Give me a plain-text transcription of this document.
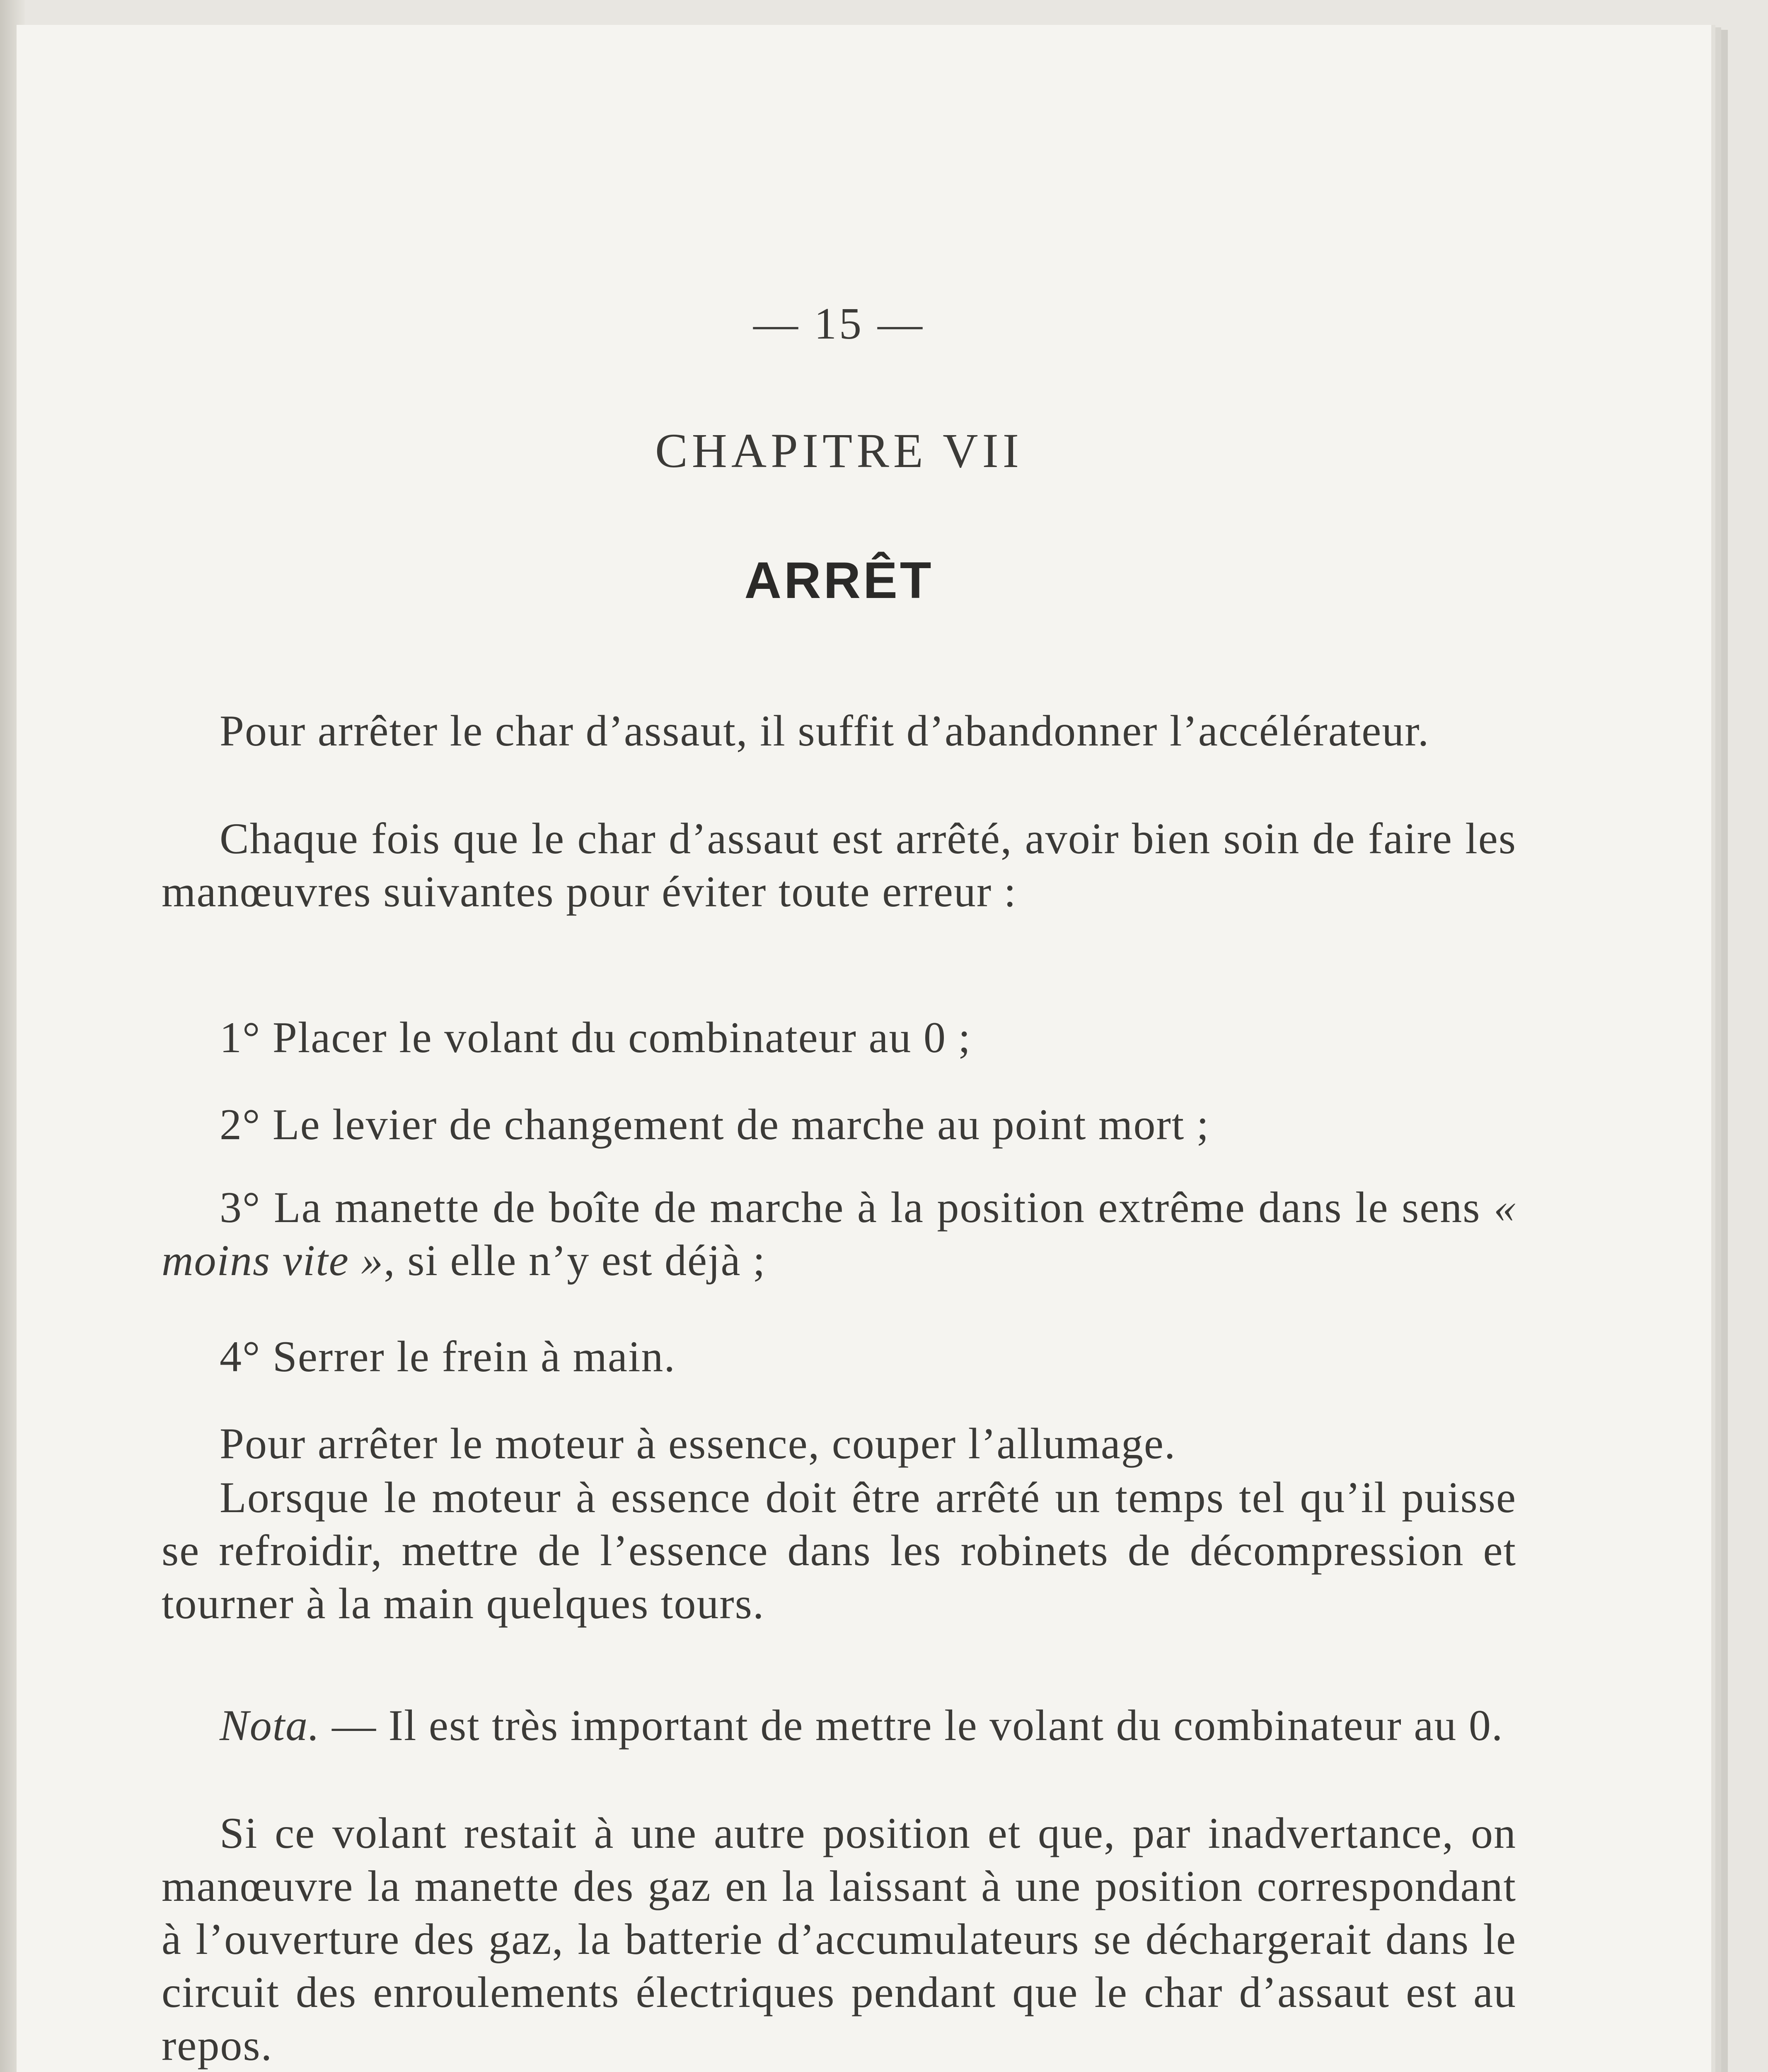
— 15 —
CHAPITRE VII
ARRÊT
Pour arrêter le char d’assaut, il suffit d’abandonner l’accélérateur.
Chaque fois que le char d’assaut est arrêté, avoir bien soin de faire les manœuvres suivantes pour éviter toute erreur :
1° Placer le volant du combinateur au 0 ;
2° Le levier de changement de marche au point mort ;
3° La manette de boîte de marche à la position extrême dans le sens « moins vite », si elle n’y est déjà ;
4° Serrer le frein à main.
Pour arrêter le moteur à essence, couper l’allumage.
Lorsque le moteur à essence doit être arrêté un temps tel qu’il puisse se refroidir, mettre de l’essence dans les robinets de décompression et tourner à la main quelques tours.
Nota. — Il est très important de mettre le volant du combinateur au 0.
Si ce volant restait à une autre position et que, par inadvertance, on manœuvre la manette des gaz en la laissant à une position correspondant à l’ouverture des gaz, la batterie d’accumulateurs se déchargerait dans le circuit des enroulements électriques pendant que le char d’assaut est au repos.
